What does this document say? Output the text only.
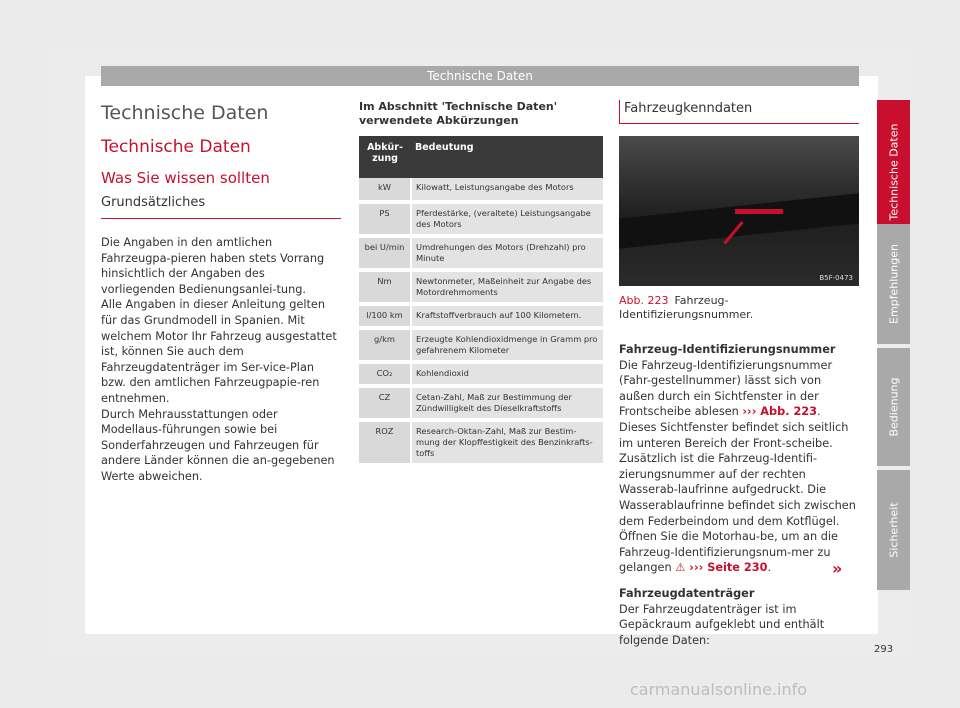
Technische Daten
Technische Daten
Technische Daten
Was Sie wissen sollten
Grundsätzliches

Die Angaben in den amtlichen Fahrzeugpa-pieren haben stets Vorrang hinsichtlich der Angaben des vorliegenden Bedienungsanlei-tung.

Alle Angaben in dieser Anleitung gelten für das Grundmodell in Spanien. Mit welchem Motor Ihr Fahrzeug ausgestattet ist, können Sie auch dem Fahrzeugdatenträger im Ser-vice-Plan bzw. den amtlichen Fahrzeugpapie-ren entnehmen.

Durch Mehrausstattungen oder Modellaus-führungen sowie bei Sonderfahrzeugen und Fahrzeugen für andere Länder können die an-gegebenen Werte abweichen.

Im Abschnitt 'Technische Daten' verwendete Abkürzungen
Abkür-zung	Bedeutung
kW	Kilowatt, Leistungsangabe des Motors
PS	Pferdestärke, (veraltete) Leistungsangabe des Motors
bei U/min	Umdrehungen des Motors (Drehzahl) pro Minute
Nm	Newtonmeter, Maßeinheit zur Angabe des Motordrehmoments
l/100 km	Kraftstoffverbrauch auf 100 Kilometern.
g/km	Erzeugte Kohlendioxidmenge in Gramm pro gefahrenem Kilometer
CO₂	Kohlendioxid
CZ	Cetan-Zahl, Maß zur Bestimmung der Zündwilligkeit des Dieselkraftstoffs
ROZ	Research-Oktan-Zahl, Maß zur Bestim-mung der Klopffestigkeit des Benzinkrafts-toffs
Fahrzeugkenndaten
B5F-0473
Abb. 223 Fahrzeug-Identifizierungsnummer.

Fahrzeug-Identifizierungsnummer

Die Fahrzeug-Identifizierungsnummer (Fahr-gestellnummer) lässt sich von außen durch ein Sichtfenster in der Frontscheibe ablesen ››› Abb. 223. Dieses Sichtfenster befindet sich seitlich im unteren Bereich der Front-scheibe. Zusätzlich ist die Fahrzeug-Identifi-zierungsnummer auf der rechten Wasserab-laufrinne aufgedruckt. Die Wasserablaufrinne befindet sich zwischen dem Federbeindom und dem Kotflügel. Öffnen Sie die Motorhau-be, um an die Fahrzeug-Identifizierungsnum-mer zu gelangen ⚠ ››› Seite 230.

Fahrzeugdatenträger

Der Fahrzeugdatenträger ist im Gepäckraum aufgeklebt und enthält folgende Daten:

»
Technische Daten
Empfehlungen
Bedienung
Sicherheit
293
carmanualsonline.info
